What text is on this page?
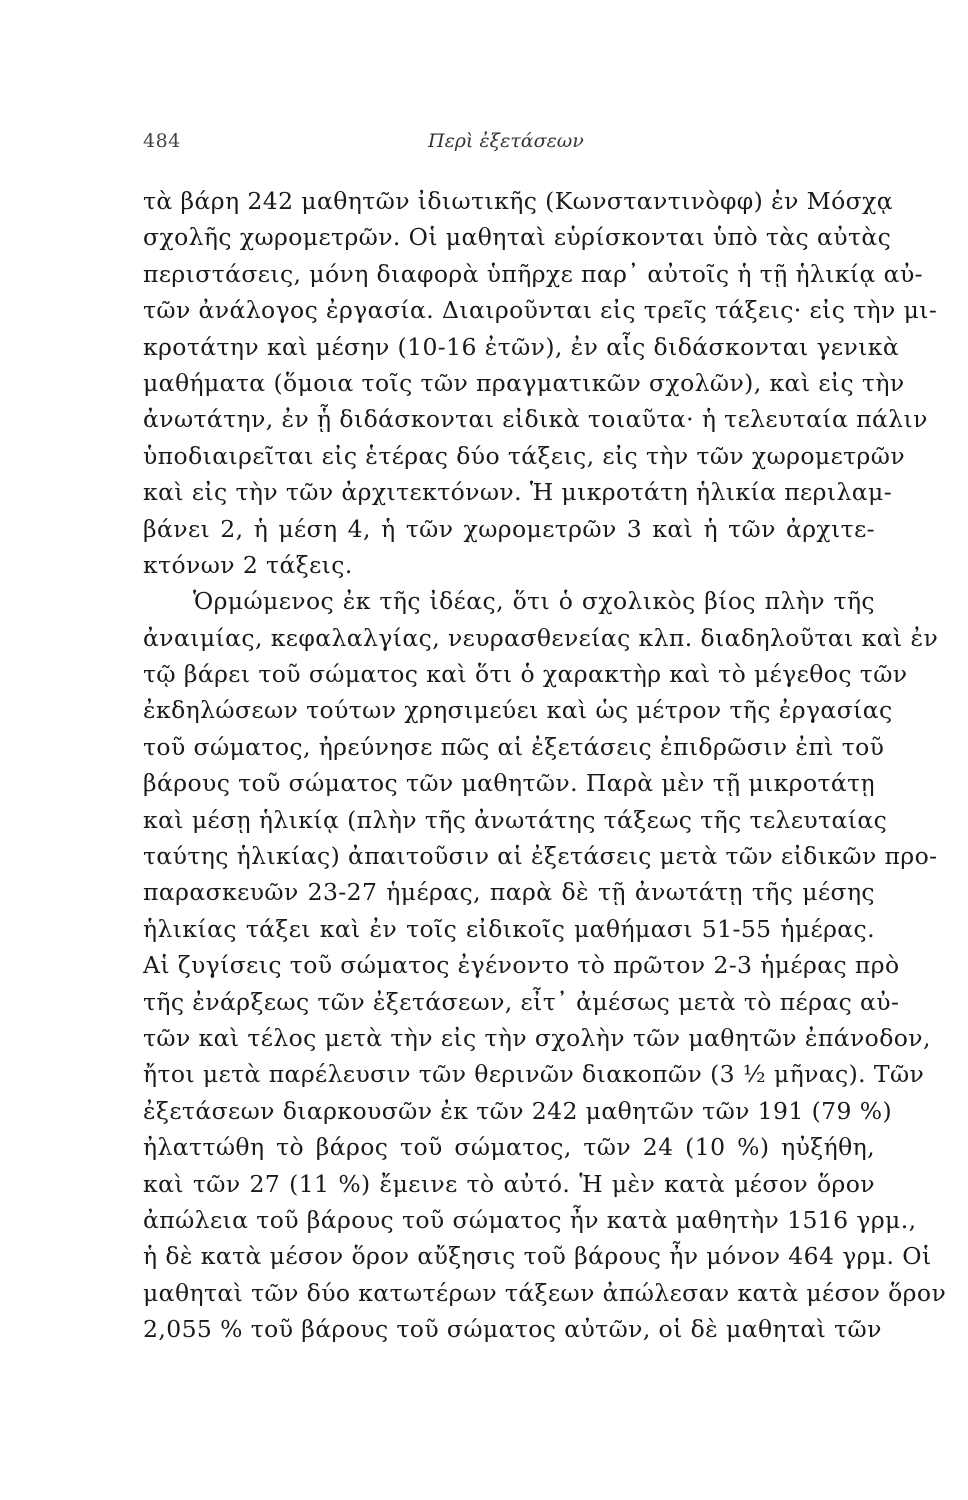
484	Περὶ ἐξετάσεων
τὰ βάρη 242 μαθητῶν ἰδιωτικῆς (Κωνσταντινὸφφ) ἐν Μόσχᾳ
σχολῆς χωρομετρῶν. Οἱ μαθηταὶ εὑρίσκονται ὑπὸ τὰς αὐτὰς
περιστάσεις, μόνη διαφορὰ ὑπῆρχε παρ᾽ αὐτοῖς ἡ τῇ ἡλικίᾳ αὐ-
τῶν ἀνάλογος ἐργασία. Διαιροῦνται εἰς τρεῖς τάξεις· εἰς τὴν μι-
κροτάτην καὶ μέσην (10-16 ἐτῶν), ἐν αἷς διδάσκονται γενικὰ
μαθήματα (ὅμοια τοῖς τῶν πραγματικῶν σχολῶν), καὶ εἰς τὴν
ἀνωτάτην, ἐν ᾗ διδάσκονται εἰδικὰ τοιαῦτα· ἡ τελευταία πάλιν
ὑποδιαιρεῖται εἰς ἑτέρας δύο τάξεις, εἰς τὴν τῶν χωρομετρῶν
καὶ εἰς τὴν τῶν ἀρχιτεκτόνων. Ἡ μικροτάτη ἡλικία περιλαμ-
βάνει 2, ἡ μέση 4, ἡ τῶν χωρομετρῶν 3 καὶ ἡ τῶν ἀρχιτε-
κτόνων 2 τάξεις.
Ὁρμώμενος ἐκ τῆς ἰδέας, ὅτι ὁ σχολικὸς βίος πλὴν τῆς
ἀναιμίας, κεφαλαλγίας, νευρασθενείας κλπ. διαδηλοῦται καὶ ἐν
τῷ βάρει τοῦ σώματος καὶ ὅτι ὁ χαρακτὴρ καὶ τὸ μέγεθος τῶν
ἐκδηλώσεων τούτων χρησιμεύει καὶ ὡς μέτρον τῆς ἐργασίας
τοῦ σώματος, ἠρεύνησε πῶς αἱ ἐξετάσεις ἐπιδρῶσιν ἐπὶ τοῦ
βάρους τοῦ σώματος τῶν μαθητῶν. Παρὰ μὲν τῇ μικροτάτῃ
καὶ μέσῃ ἡλικίᾳ (πλὴν τῆς ἀνωτάτης τάξεως τῆς τελευταίας
ταύτης ἡλικίας) ἀπαιτοῦσιν αἱ ἐξετάσεις μετὰ τῶν εἰδικῶν προ-
παρασκευῶν 23-27 ἡμέρας, παρὰ δὲ τῇ ἀνωτάτῃ τῆς μέσης
ἡλικίας τάξει καὶ ἐν τοῖς εἰδικοῖς μαθήμασι 51-55 ἡμέρας.
Αἱ ζυγίσεις τοῦ σώματος ἐγένοντο τὸ πρῶτον 2-3 ἡμέρας πρὸ
τῆς ἐνάρξεως τῶν ἐξετάσεων, εἶτ᾽ ἀμέσως μετὰ τὸ πέρας αὐ-
τῶν καὶ τέλος μετὰ τὴν εἰς τὴν σχολὴν τῶν μαθητῶν ἐπάνοδον,
ἤτοι μετὰ παρέλευσιν τῶν θερινῶν διακοπῶν (3 ½ μῆνας). Τῶν
ἐξετάσεων διαρκουσῶν ἐκ τῶν 242 μαθητῶν τῶν 191 (79 %)
ἠλαττώθη τὸ βάρος τοῦ σώματος, τῶν 24 (10 %) ηὐξήθη,
καὶ τῶν 27 (11 %) ἔμεινε τὸ αὐτό. Ἡ μὲν κατὰ μέσον ὅρον
ἀπώλεια τοῦ βάρους τοῦ σώματος ἦν κατὰ μαθητὴν 1516 γρμ.,
ἡ δὲ κατὰ μέσον ὅρον αὔξησις τοῦ βάρους ἦν μόνον 464 γρμ. Οἱ
μαθηταὶ τῶν δύο κατωτέρων τάξεων ἀπώλεσαν κατὰ μέσον ὅρον
2,055 % τοῦ βάρους τοῦ σώματος αὐτῶν, οἱ δὲ μαθηταὶ τῶν
